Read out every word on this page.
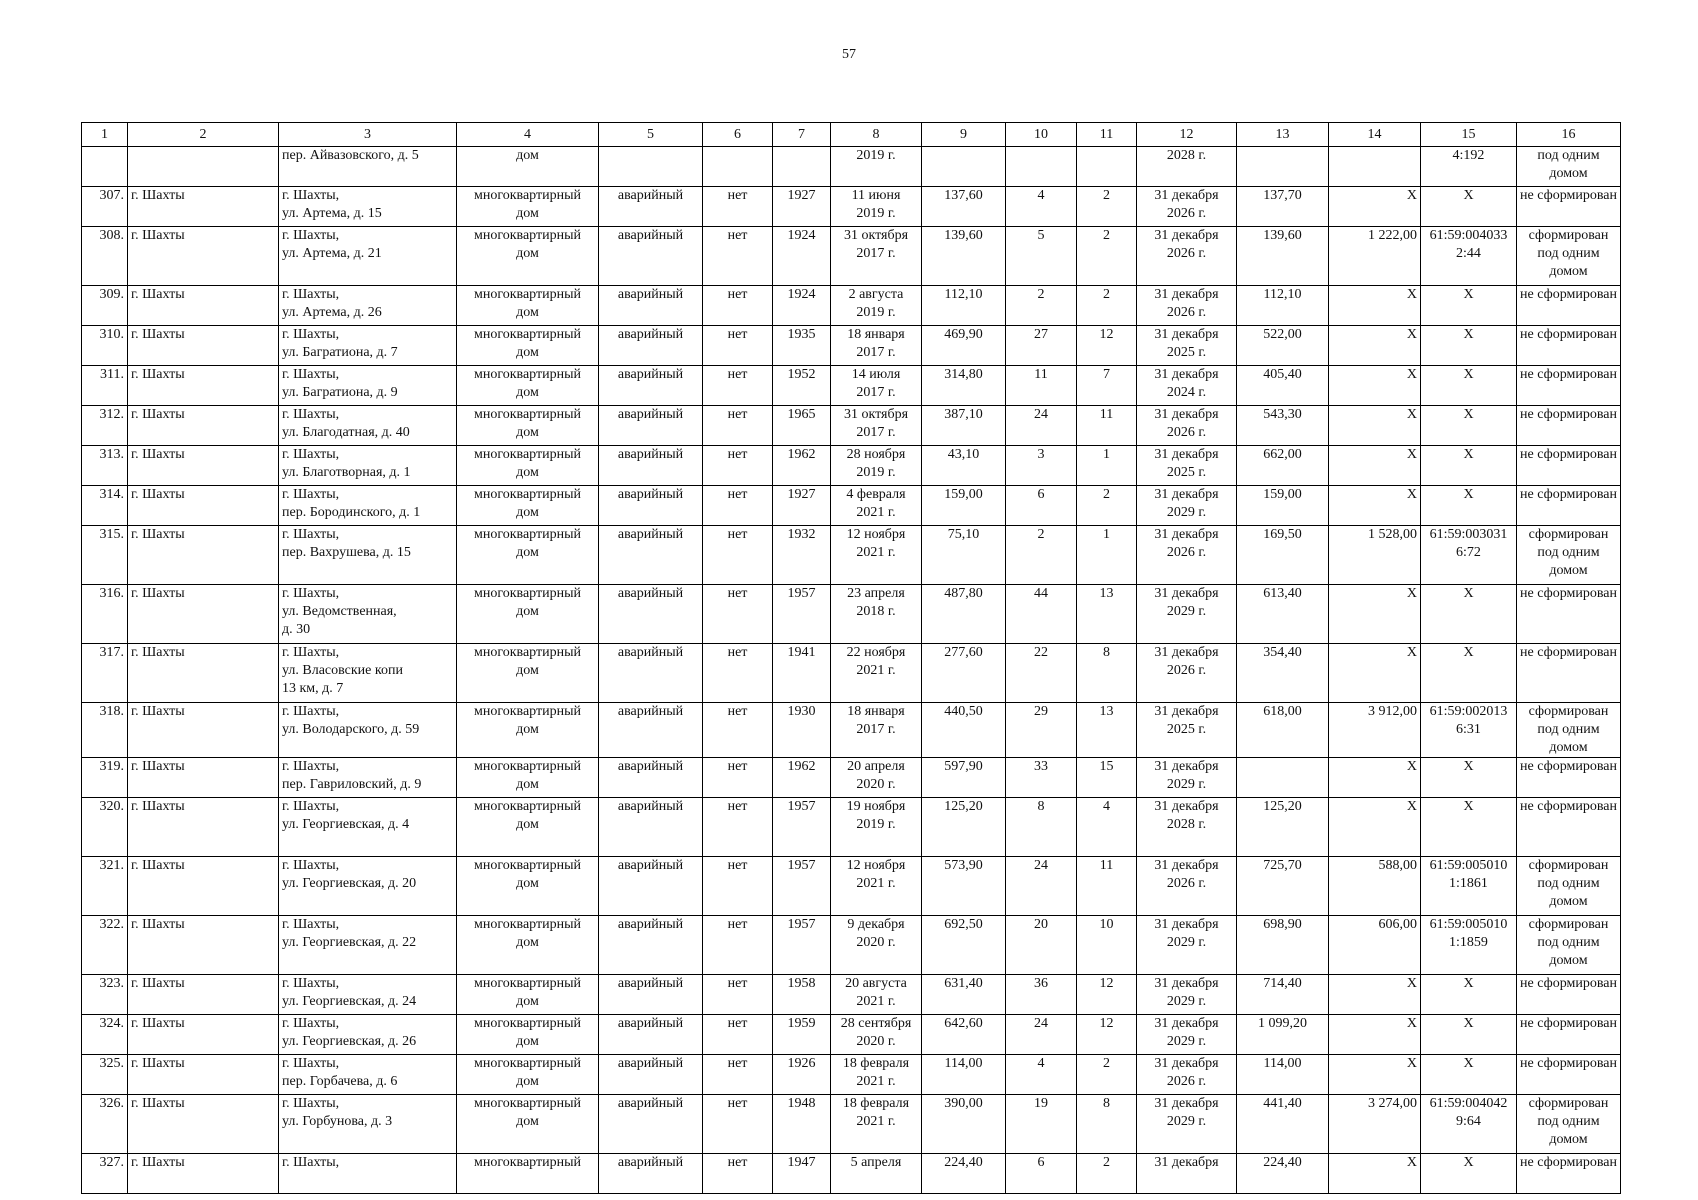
57
1	2	3	4	5	6	7	8	9	10	11	12	13	14	15	16
		пер. Айвазовского, д. 5	дом				2019 г.				2028 г.			4:192	под одним
домом
307.	г. Шахты	г. Шахты,
ул. Артема, д. 15	многоквартирный
дом	аварийный	нет	1927	11 июня
2019 г.	137,60	4	2	31 декабря
2026 г.	137,70	Х	Х	не сформирован
308.	г. Шахты	г. Шахты,
ул. Артема, д. 21	многоквартирный
дом	аварийный	нет	1924	31 октября
2017 г.	139,60	5	2	31 декабря
2026 г.	139,60	1 222,00	61:59:004033
2:44	сформирован
под одним
домом
309.	г. Шахты	г. Шахты,
ул. Артема, д. 26	многоквартирный
дом	аварийный	нет	1924	2 августа
2019 г.	112,10	2	2	31 декабря
2026 г.	112,10	Х	Х	не сформирован
310.	г. Шахты	г. Шахты,
ул. Багратиона, д. 7	многоквартирный
дом	аварийный	нет	1935	18 января
2017 г.	469,90	27	12	31 декабря
2025 г.	522,00	Х	Х	не сформирован
311.	г. Шахты	г. Шахты,
ул. Багратиона, д. 9	многоквартирный
дом	аварийный	нет	1952	14 июля
2017 г.	314,80	11	7	31 декабря
2024 г.	405,40	Х	Х	не сформирован
312.	г. Шахты	г. Шахты,
ул. Благодатная, д. 40	многоквартирный
дом	аварийный	нет	1965	31 октября
2017 г.	387,10	24	11	31 декабря
2026 г.	543,30	Х	Х	не сформирован
313.	г. Шахты	г. Шахты,
ул. Благотворная, д. 1	многоквартирный
дом	аварийный	нет	1962	28 ноября
2019 г.	43,10	3	1	31 декабря
2025 г.	662,00	Х	Х	не сформирован
314.	г. Шахты	г. Шахты,
пер. Бородинского, д. 1	многоквартирный
дом	аварийный	нет	1927	4 февраля
2021 г.	159,00	6	2	31 декабря
2029 г.	159,00	Х	Х	не сформирован
315.	г. Шахты	г. Шахты,
пер. Вахрушева, д. 15	многоквартирный
дом	аварийный	нет	1932	12 ноября
2021 г.	75,10	2	1	31 декабря
2026 г.	169,50	1 528,00	61:59:003031
6:72	сформирован
под одним
домом
316.	г. Шахты	г. Шахты,
ул. Ведомственная,
д. 30	многоквартирный
дом	аварийный	нет	1957	23 апреля
2018 г.	487,80	44	13	31 декабря
2029 г.	613,40	Х	Х	не сформирован
317.	г. Шахты	г. Шахты,
ул. Власовские копи
13 км, д. 7	многоквартирный
дом	аварийный	нет	1941	22 ноября
2021 г.	277,60	22	8	31 декабря
2026 г.	354,40	Х	Х	не сформирован
318.	г. Шахты	г. Шахты,
ул. Володарского, д. 59	многоквартирный
дом	аварийный	нет	1930	18 января
2017 г.	440,50	29	13	31 декабря
2025 г.	618,00	3 912,00	61:59:002013
6:31	сформирован
под одним
домом
319.	г. Шахты	г. Шахты,
пер. Гавриловский, д. 9	многоквартирный
дом	аварийный	нет	1962	20 апреля
2020 г.	597,90	33	15	31 декабря
2029 г.		Х	Х	не сформирован
320.	г. Шахты	г. Шахты,
ул. Георгиевская, д. 4	многоквартирный
дом	аварийный	нет	1957	19 ноября
2019 г.	125,20	8	4	31 декабря
2028 г.	125,20	Х	Х	не сформирован
321.	г. Шахты	г. Шахты,
ул. Георгиевская, д. 20	многоквартирный
дом	аварийный	нет	1957	12 ноября
2021 г.	573,90	24	11	31 декабря
2026 г.	725,70	588,00	61:59:005010
1:1861	сформирован
под одним
домом
322.	г. Шахты	г. Шахты,
ул. Георгиевская, д. 22	многоквартирный
дом	аварийный	нет	1957	9 декабря
2020 г.	692,50	20	10	31 декабря
2029 г.	698,90	606,00	61:59:005010
1:1859	сформирован
под одним
домом
323.	г. Шахты	г. Шахты,
ул. Георгиевская, д. 24	многоквартирный
дом	аварийный	нет	1958	20 августа
2021 г.	631,40	36	12	31 декабря
2029 г.	714,40	Х	Х	не сформирован
324.	г. Шахты	г. Шахты,
ул. Георгиевская, д. 26	многоквартирный
дом	аварийный	нет	1959	28 сентября
2020 г.	642,60	24	12	31 декабря
2029 г.	1 099,20	Х	Х	не сформирован
325.	г. Шахты	г. Шахты,
пер. Горбачева, д. 6	многоквартирный
дом	аварийный	нет	1926	18 февраля
2021 г.	114,00	4	2	31 декабря
2026 г.	114,00	Х	Х	не сформирован
326.	г. Шахты	г. Шахты,
ул. Горбунова, д. 3	многоквартирный
дом	аварийный	нет	1948	18 февраля
2021 г.	390,00	19	8	31 декабря
2029 г.	441,40	3 274,00	61:59:004042
9:64	сформирован
под одним
домом
327.	г. Шахты	г. Шахты,	многоквартирный	аварийный	нет	1947	5 апреля	224,40	6	2	31 декабря	224,40	Х	Х	не сформирован
